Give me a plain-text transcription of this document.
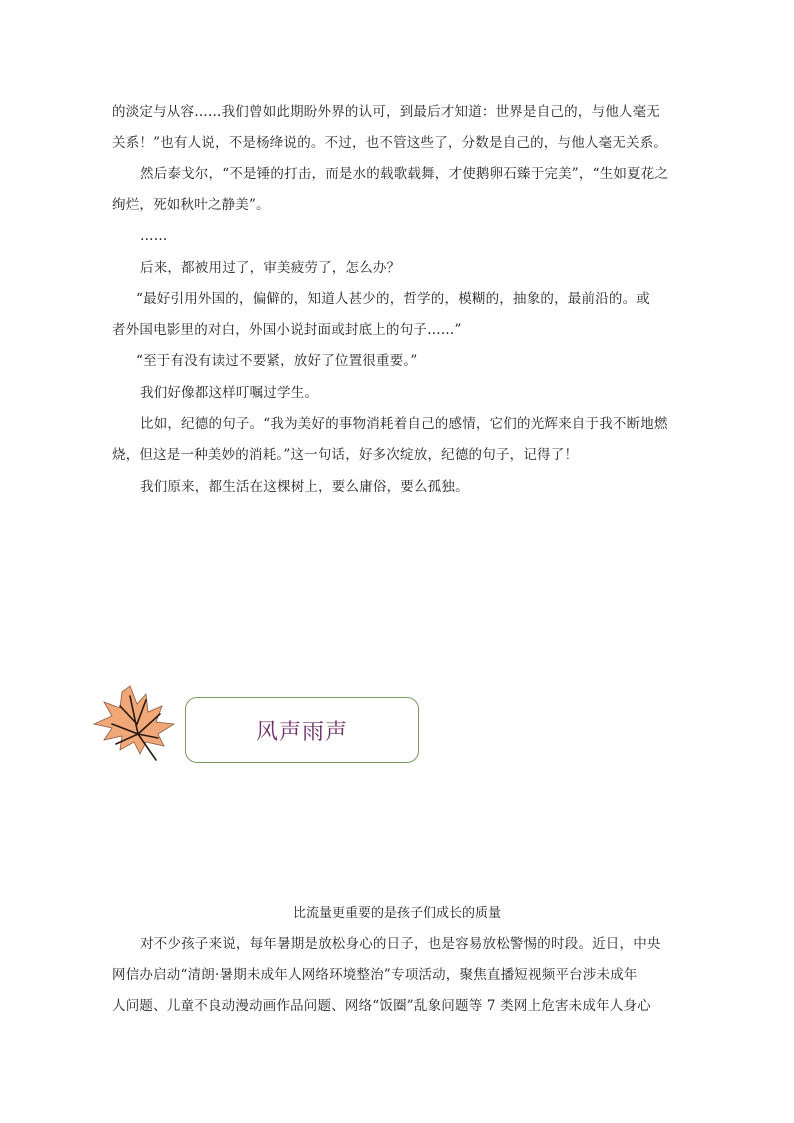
的淡定与从容……我们曾如此期盼外界的认可，到最后才知道：世界是自己的，与他人毫无
关系！”也有人说，不是杨绛说的。不过，也不管这些了，分数是自己的，与他人毫无关系。
然后泰戈尔，“不是锤的打击，而是水的载歌载舞，才使鹅卵石臻于完美”，“生如夏花之
绚烂，死如秋叶之静美”。
……
后来，都被用过了，审美疲劳了，怎么办？
“最好引用外国的，偏僻的，知道人甚少的，哲学的，模糊的，抽象的，最前沿的。或
者外国电影里的对白，外国小说封面或封底上的句子……”
“至于有没有读过不要紧，放好了位置很重要。”
我们好像都这样叮嘱过学生。
比如，纪德的句子。“我为美好的事物消耗着自己的感情，它们的光辉来自于我不断地燃
烧，但这是一种美妙的消耗。”这一句话，好多次绽放，纪德的句子，记得了！
我们原来，都生活在这棵树上，要么庸俗，要么孤独。
风声雨声
比流量更重要的是孩子们成长的质量
对不少孩子来说，每年暑期是放松身心的日子，也是容易放松警惕的时段。近日，中央
网信办启动“清朗·暑期未成年人网络环境整治”专项活动，聚焦直播短视频平台涉未成年
人问题、儿童不良动漫动画作品问题、网络“饭圈”乱象问题等 7 类网上危害未成年人身心
